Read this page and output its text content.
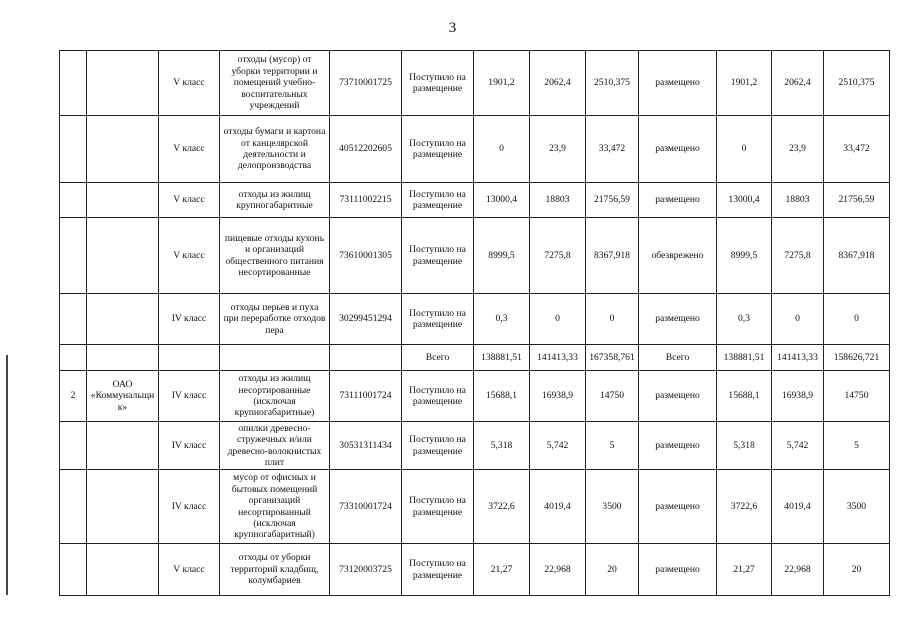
3
		V класс	отходы (мусор) от уборки территории и помещений учебно-воспитательных учреждений	73710001725	Поступило на размещение	1901,2	2062,4	2510,375	размещено	1901,2	2062,4	2510,375
		V класс	отходы бумаги и картона от канцелярской деятельности и делопроизводства	40512202605	Поступило на размещение	0	23,9	33,472	размещено	0	23,9	33,472
		V класс	отходы из жилищ крупногабаритные	73111002215	Поступило на размещение	13000,4	18803	21756,59	размещено	13000,4	18803	21756,59
		V класс	пищевые отходы кухонь и организаций общественного питания несортированные	73610001305	Поступило на размещение	8999,5	7275,8	8367,918	обезврежено	8999,5	7275,8	8367,918
		IV класс	отходы перьев и пуха при переработке отходов пера	30299451294	Поступило на размещение	0,3	0	0	размещено	0,3	0	0
					Всего	138881,51	141413,33	167358,761	Всего	138881,51	141413,33	158626,721
2	ОАО «Коммунальщик»	IV класс	отходы из жилищ несортированные (исключая крупногабаритные)	73111001724	Поступило на размещение	15688,1	16938,9	14750	размещено	15688,1	16938,9	14750
		IV класс	опилки древесно-стружечных и/или древесно-волокнистых плит	30531311434	Поступило на размещение	5,318	5,742	5	размещено	5,318	5,742	5
		IV класс	мусор от офисных и бытовых помещений организаций несортированный (исключая крупногабаритный)	73310001724	Поступило на размещение	3722,6	4019,4	3500	размещено	3722,6	4019,4	3500
		V класс	отходы от уборки территорий кладбищ, колумбариев	73120003725	Поступило на размещение	21,27	22,968	20	размещено	21,27	22,968	20
